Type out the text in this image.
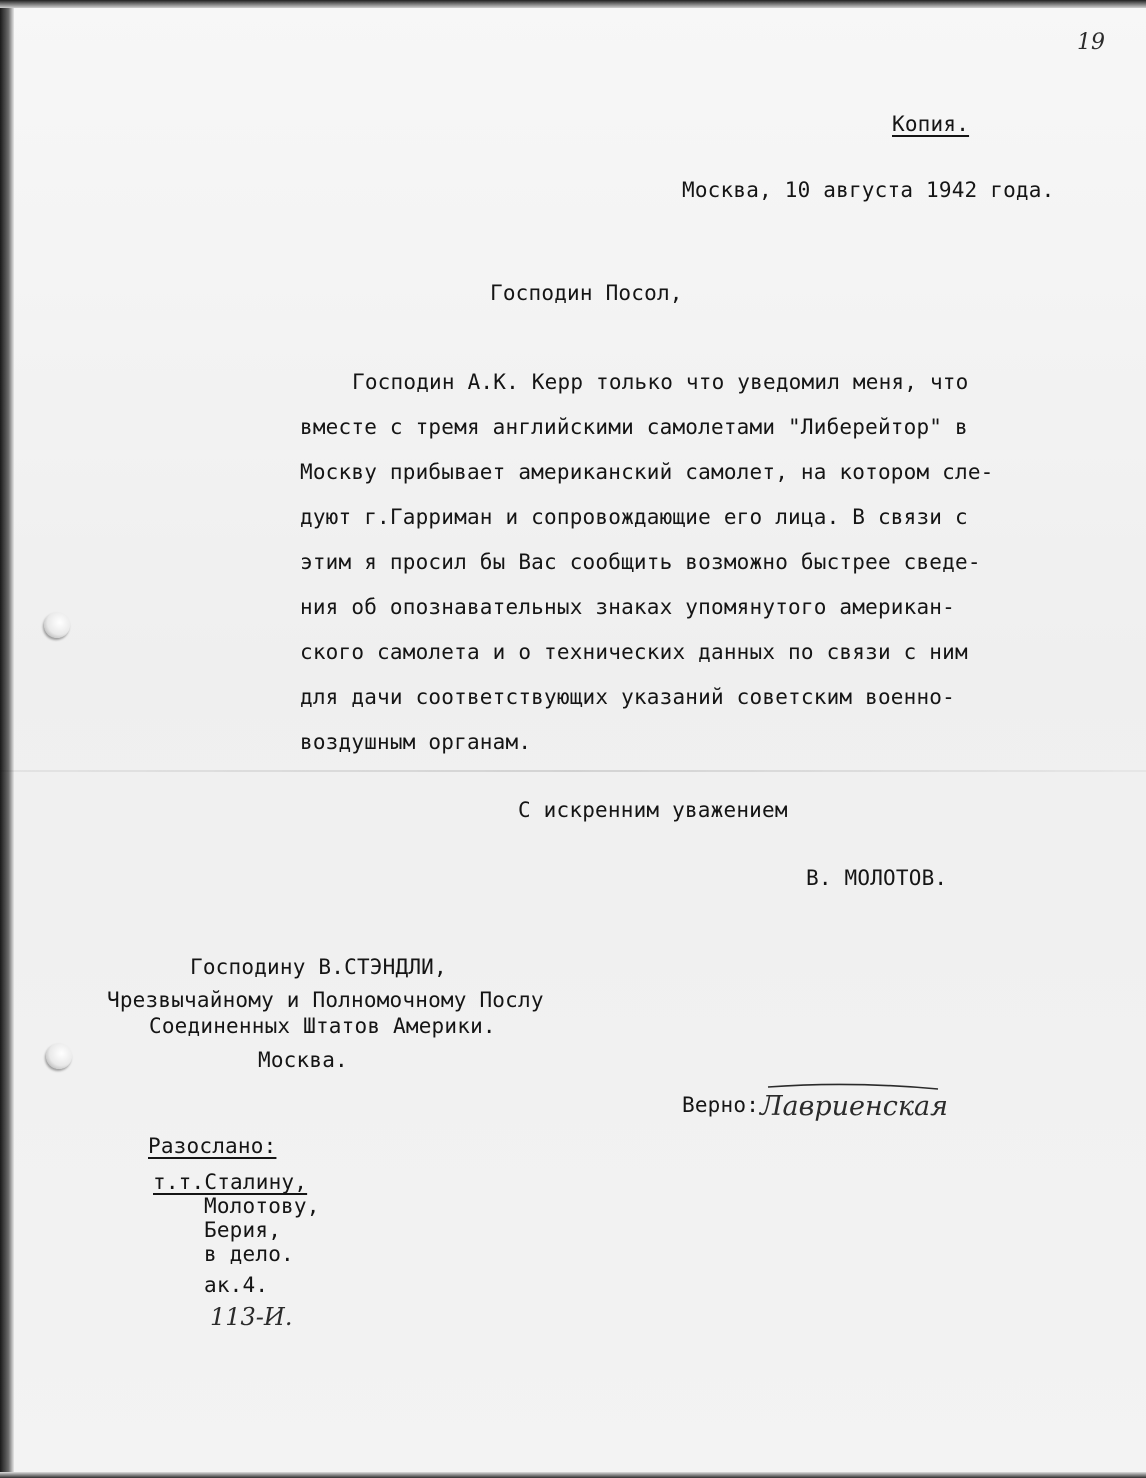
19
Копия.
Москва, 10 августа 1942 года.
Господин Посол,
Господин А.К. Керр только что уведомил меня, что
вместе с тремя английскими самолетами "Либерейтор" в
Москву прибывает американский самолет, на котором сле-
дуют г.Гарриман и сопровождающие его лица. В связи с
этим я просил бы Вас сообщить возможно быстрее сведе-
ния об опознавательных знаках упомянутого американ-
ского самолета и о технических данных по связи с ним
для дачи соответствующих указаний советским военно-
воздушным органам.
С искренним уважением
В. МОЛОТОВ.
Господину В.СТЭНДЛИ,
Чрезвычайному и Полномочному Послу
Соединенных Штатов Америки.
Москва.
Верно: Лавриенская
Разослано:
т.т.Сталину,
Молотову,
Берия,
в дело.
ак.4.
113-И.
